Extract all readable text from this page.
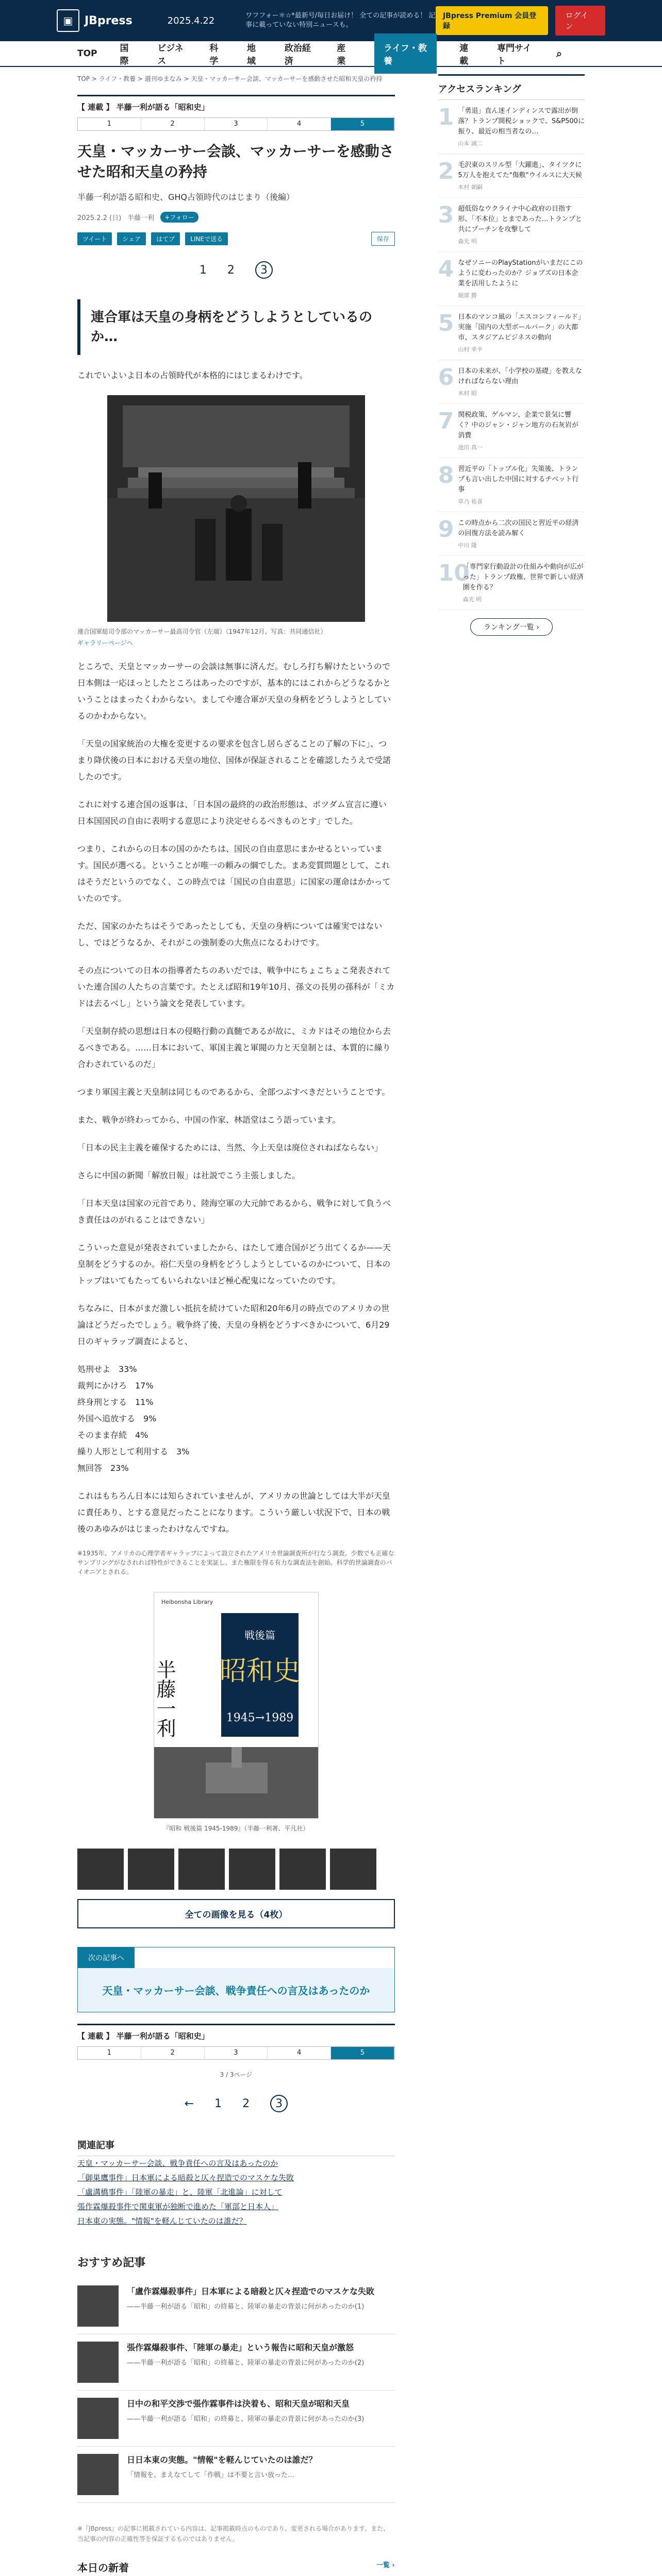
▣	JBpress	2025.4.22	ワフフォー＊☆*最新号/毎日お届け！ 全ての記事が読める！ 記事に載っていない特別ニュースも。
JBpress Premium 会員登録
ログイン
TOP	国際
ビジネス
科学
地域
政治経済
産業
ライフ・教養
連載
専門サイト
⌕
TOP > ライフ・教養 > 週刊ゆまなみ > 天皇・マッカーサー会談、マッカーサーを感動させた昭和天皇の矜持
【 連載 】 半藤一利が語る「昭和史」
1	2	3	4	5
天皇・マッカーサー会談、マッカーサーを感動させた昭和天皇の矜持
半藤一利が語る昭和史、GHQ占領時代のはじまり（後編）
2025.2.2 (日) 半藤一利	+フォロー
ツイート	シェア	はてブ	LINEで送る	保存
1 2	3
連合軍は天皇の身柄をどうしようとしているのか…
これでいよいよ日本の占領時代が本格的にはじまるわけです。
連合国軍総司令部のマッカーサー最高司令官（左端）（1947年12月、写真：共同通信社）
ギャラリーページへ
ところで、天皇とマッカーサーの会談は無事に済んだ。むしろ打ち解けたというので日本側は一応ほっとしたところはあったのですが、基本的にはこれからどうなるかということはまったくわからない。ましてや連合軍が天皇の身柄をどうしようとしているのかわからない。
「天皇の国家統治の大権を変更するの要求を包含し居らざることの了解の下に」、つまり降伏後の日本における天皇の地位、国体が保証されることを確認したうえで受諾したのです。
これに対する連合国の返事は、「日本国の最終的の政治形態は、ポツダム宣言に遵い日本国国民の自由に表明する意思により決定せらるべきものとす」でした。
つまり、これからの日本の国のかたちは、国民の自由意思にまかせるといっています。国民が選べる。ということが唯一の頼みの綱でした。まあ変質問題として、これはそうだというのでなく、この時点では「国民の自由意思」に国家の運命はかかっていたのです。
ただ、国家のかたちはそうであったとしても、天皇の身柄については確実ではないし、ではどうなるか、それがこの強制委の大焦点になるわけです。
その点についての日本の指導者たちのあいだでは、戦争中にちょこちょこ発表されていた連合国の人たちの言葉です。たとえば昭和19年10月、孫文の長男の孫科が「ミカドは去るべし」という論文を発表しています。
「天皇制存続の思想は日本の侵略行動の真髄であるが故に、ミカドはその地位から去るべきである。……日本において、軍国主義と軍閥の力と天皇制とは、本質的に繰り合わされているのだ」
つまり軍国主義と天皇制は同じものであるから、全部つぶすべきだということです。
また、戦争が終わってから、中国の作家、林語堂はこう語っています。
「日本の民主主義を確保するためには、当然、今上天皇は廃位されねばならない」
さらに中国の新聞「解放日報」は社説でこう主張しました。
「日本天皇は国家の元首であり、陸海空軍の大元帥であるから、戦争に対して負うべき責任はのがれることはできない」
こういった意見が発表されていましたから、はたして連合国がどう出てくるか——天皇制をどうするのか。裕仁天皇の身柄をどうしようとしているのかについて、日本のトップはいてもたってもいられないほど極心配鬼になっていたのです。
ちなみに、日本がまだ激しい抵抗を続けていた昭和20年6月の時点でのアメリカの世論はどうだったでしょう。戦争終了後、天皇の身柄をどうすべきかについて、6月29日のギャラップ調査によると、
処刑せよ　33%
裁判にかけろ　17%
終身刑とする　11%
外国へ追放する　9%
そのまま存続　4%
繰り人形として利用する　3%
無回答　23%
これはもちろん日本には知らされていませんが、アメリカの世論としては大半が天皇に責任あり、とする意見だったことになります。こういう厳しい状況下で、日本の戦後のあゆみがはじまったわけなんですね。
※1935年、アメリカの心理学者ギャラップによって設立されたアメリカ世論調査所が行なう調査。少数でも正確なサンプリングがなされれば特性ができることを実証し、また権限を得る有力な調査法を創始。科学的世論調査のパイオニアとされる。
Heibonsha Library
半藤一利
戦後篇
昭和史
1945→1989
『昭和 戦後篇 1945-1989』（半藤一利著、平凡社）
全ての画像を見る（4枚）
次の記事へ
天皇・マッカーサー会談、戦争責任への言及はあったのか
【 連載 】 半藤一利が語る「昭和史」
1	2	3	4	5
3 / 3ページ
← 1 2	3
関連記事
天皇・マッカーサー会談、戦争責任への言及はあったのか
「御巣鷹事件」日本軍による暗殺と仄々捏造でのマスケな失敗
「盧溝橋事件」「陸軍の暴走」と、陸軍「北進論」に対して
張作霖爆殺事件で関東軍が独断で進めた「軍部と日本人」
日本東の実態。"情報"を軽んじていたのは誰だ？
おすすめ記事
「盧作霖爆殺事件」日本軍による暗殺と仄々捏造でのマスケな失敗
——半藤一利が語る「昭和」の終幕と、陸軍の暴走の背景に何があったのか(1)
張作霖爆殺事件、「陸軍の暴走」という報告に昭和天皇が激怒
——半藤一利が語る「昭和」の終幕と、陸軍の暴走の背景に何があったのか(2)
日中の和平交渉で張作霖事件は決着も、昭和天皇が昭和天皇
——半藤一利が語る「昭和」の終幕と、陸軍の暴走の背景に何があったのか(3)
日日本東の実態。"情報"を軽んじていたのは誰だ？
「情報を、まえなてして「作戦」は不要と言い放った…
※『JBpress』の記事に掲載されている内容は、記事掲載時点のものであり、変更される場合があります。また、当記事の内容の正確性等を保証するものではありません。
本日の新着	一覧 ›
アクセスランキング
1 「勇退」直ん迷インディンスで露出が倒落？トランプ開税ショックで、S&P500に振り、最近の相当者なの…
山本 誠二
2 毛沢東のスリル型「大躍進」、タイツクに 5万人を抱えてた"傷敷"ウイルスに大天候
木村 朝嗣
3 超低俗なウクライナ中心政府の目指す形、「不本位」とまであった…トランプと共にプーチンを攻撃して
森光 明
4 なぜソニーのPlayStationがいまだにこのように変わったのか？ジョブズの日本企業を活用したように
堀部 勝
5 日本のマンコ風の「エスコンフィールド」実施「国内の大型ボールパーク」の大都市、スタジアムビジネスの動向
山村 幸平
6 日本の未来が、「小学校の基礎」を教えなければならない理由
木村 昭
7 関税政策、ゲルマン、企業で景気に響く？中のジャン・ジャン地方の石灰岩が消費
池田 真一
8 習近平の「トップル化」失策後、トランプも言い出した中国に対するチベット行事
草乃 祐喜
9 この時点から二次の国民と習近平の経済の回復方法を読み解く
中川 隆
10
「専門家行動設計の仕組みや動向が広がった」トランプ政権、世界で新しい経済圏を作る？
森光 明
ランキング一覧 ›
